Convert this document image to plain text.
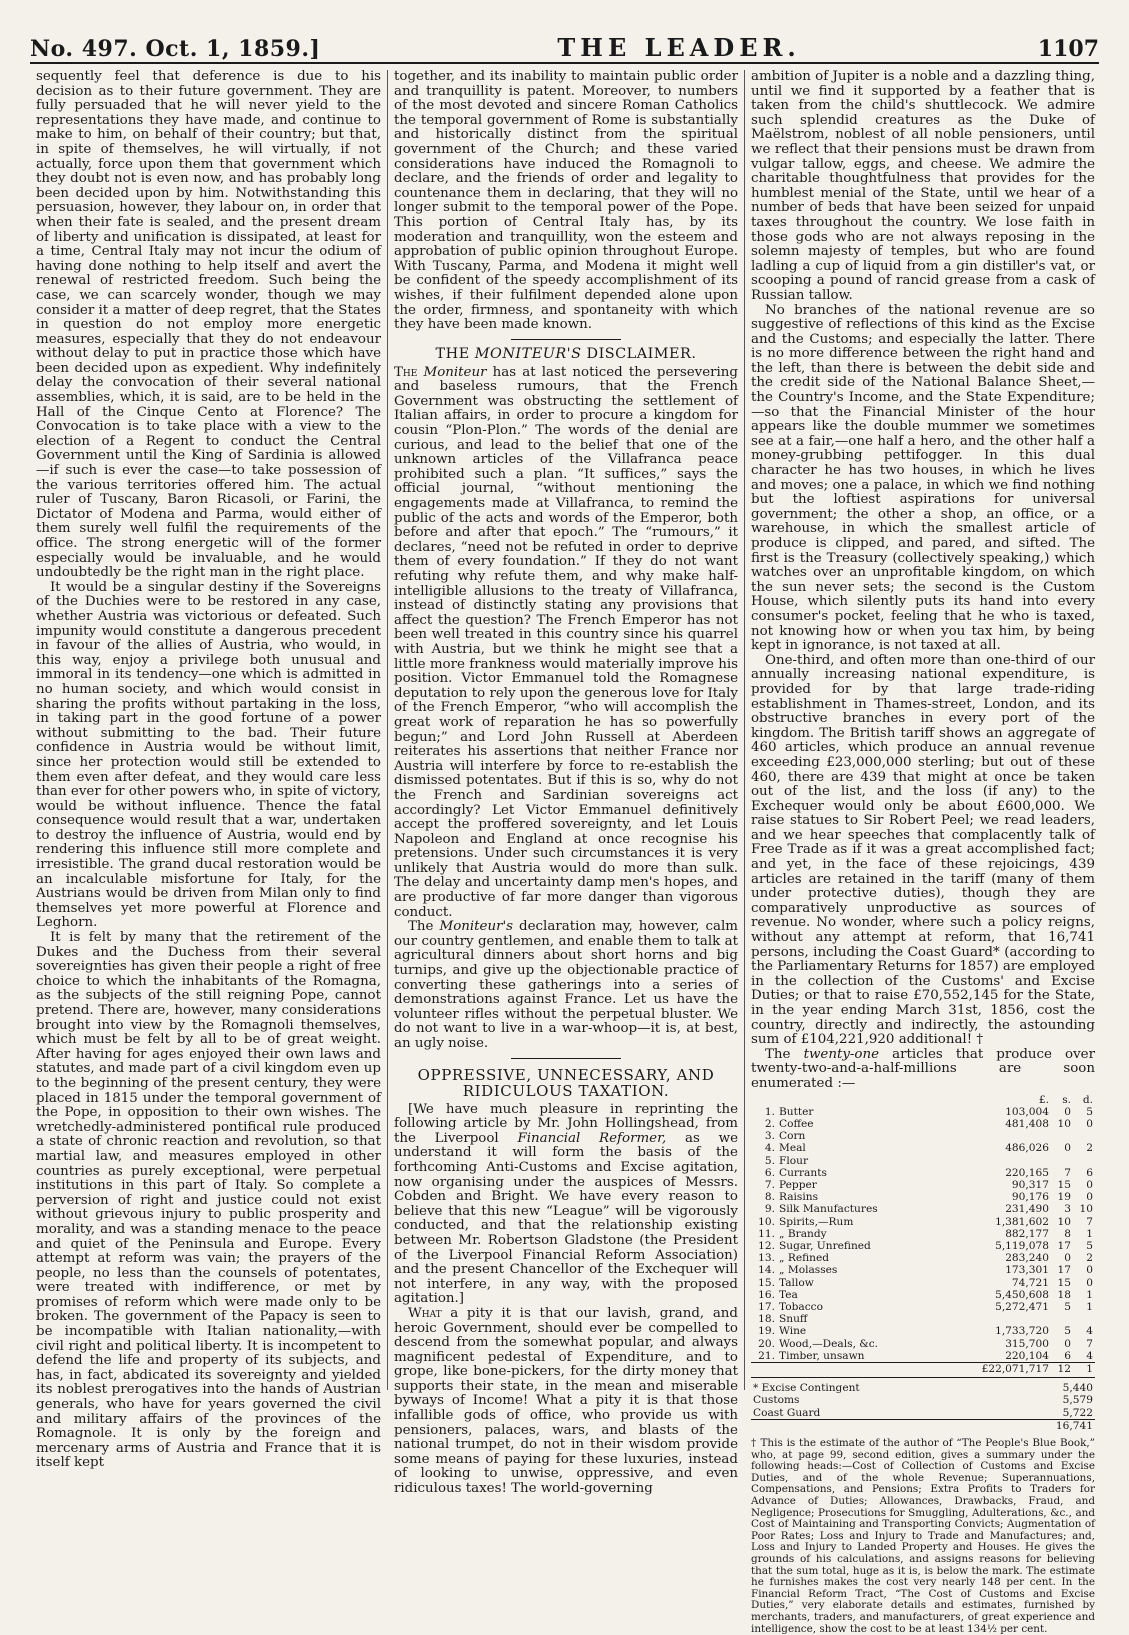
No. 497. Oct. 1, 1859.]	THE LEADER.	1107

sequently feel that deference is due to his decision as to their future government. They are fully persuaded that he will never yield to the representations they have made, and continue to make to him, on behalf of their country; but that, in spite of themselves, he will virtually, if not actually, force upon them that government which they doubt not is even now, and has probably long been decided upon by him. Notwithstanding this persuasion, however, they labour on, in order that when their fate is sealed, and the present dream of liberty and unification is dissipated, at least for a time, Central Italy may not incur the odium of having done nothing to help itself and avert the renewal of restricted freedom. Such being the case, we can scarcely wonder, though we may consider it a matter of deep regret, that the States in question do not employ more energetic measures, especially that they do not endeavour without delay to put in practice those which have been decided upon as expedient. Why indefinitely delay the convocation of their several national assemblies, which, it is said, are to be held in the Hall of the Cinque Cento at Florence? The Convocation is to take place with a view to the election of a Regent to conduct the Central Government until the King of Sardinia is allowed—if such is ever the case—to take possession of the various territories offered him. The actual ruler of Tuscany, Baron Ricasoli, or Farini, the Dictator of Modena and Parma, would either of them surely well fulfil the requirements of the office. The strong energetic will of the former especially would be invaluable, and he would undoubtedly be the right man in the right place.

It would be a singular destiny if the Sovereigns of the Duchies were to be restored in any case, whether Austria was victorious or defeated. Such impunity would constitute a dangerous precedent in favour of the allies of Austria, who would, in this way, enjoy a privilege both unusual and immoral in its tendency—one which is admitted in no human society, and which would consist in sharing the profits without partaking in the loss, in taking part in the good fortune of a power without submitting to the bad. Their future confidence in Austria would be without limit, since her protection would still be extended to them even after defeat, and they would care less than ever for other powers who, in spite of victory, would be without influence. Thence the fatal consequence would result that a war, undertaken to destroy the influence of Austria, would end by rendering this influence still more complete and irresistible. The grand ducal restoration would be an incalculable misfortune for Italy, for the Austrians would be driven from Milan only to find themselves yet more powerful at Florence and Leghorn.

It is felt by many that the retirement of the Dukes and the Duchess from their several sovereignties has given their people a right of free choice to which the inhabitants of the Romagna, as the subjects of the still reigning Pope, cannot pretend. There are, however, many considerations brought into view by the Romagnoli themselves, which must be felt by all to be of great weight. After having for ages enjoyed their own laws and statutes, and made part of a civil kingdom even up to the beginning of the present century, they were placed in 1815 under the temporal government of the Pope, in opposition to their own wishes. The wretchedly-administered pontifical rule produced a state of chronic reaction and revolution, so that martial law, and measures employed in other countries as purely exceptional, were perpetual institutions in this part of Italy. So complete a perversion of right and justice could not exist without grievous injury to public prosperity and morality, and was a standing menace to the peace and quiet of the Peninsula and Europe. Every attempt at reform was vain; the prayers of the people, no less than the counsels of potentates, were treated with indifference, or met by promises of reform which were made only to be broken. The government of the Papacy is seen to be incompatible with Italian nationality,—with civil right and political liberty. It is incompetent to defend the life and property of its subjects, and has, in fact, abdicated its sovereignty and yielded its noblest prerogatives into the hands of Austrian generals, who have for years governed the civil and military affairs of the provinces of the Romagnole. It is only by the foreign and mercenary arms of Austria and France that it is itself kept

together, and its inability to maintain public order and tranquillity is patent. Moreover, to numbers of the most devoted and sincere Roman Catholics the temporal government of Rome is substantially and historically distinct from the spiritual government of the Church; and these varied considerations have induced the Romagnoli to declare, and the friends of order and legality to countenance them in declaring, that they will no longer submit to the temporal power of the Pope. This portion of Central Italy has, by its moderation and tranquillity, won the esteem and approbation of public opinion throughout Europe. With Tuscany, Parma, and Modena it might well be confident of the speedy accomplishment of its wishes, if their fulfilment depended alone upon the order, firmness, and spontaneity with which they have been made known.

THE MONITEUR'S DISCLAIMER.

The Moniteur has at last noticed the persevering and baseless rumours, that the French Government was obstructing the settlement of Italian affairs, in order to procure a kingdom for cousin “Plon-Plon.” The words of the denial are curious, and lead to the belief that one of the unknown articles of the Villafranca peace prohibited such a plan. “It suffices,” says the official journal, “without mentioning the engagements made at Villafranca, to remind the public of the acts and words of the Emperor, both before and after that epoch.” The “rumours,” it declares, “need not be refuted in order to deprive them of every foundation.” If they do not want refuting why refute them, and why make half-intelligible allusions to the treaty of Villafranca, instead of distinctly stating any provisions that affect the question? The French Emperor has not been well treated in this country since his quarrel with Austria, but we think he might see that a little more frankness would materially improve his position. Victor Emmanuel told the Romagnese deputation to rely upon the generous love for Italy of the French Emperor, “who will accomplish the great work of reparation he has so powerfully begun;” and Lord John Russell at Aberdeen reiterates his assertions that neither France nor Austria will interfere by force to re-establish the dismissed potentates. But if this is so, why do not the French and Sardinian sovereigns act accordingly? Let Victor Emmanuel definitively accept the proffered sovereignty, and let Louis Napoleon and England at once recognise his pretensions. Under such circumstances it is very unlikely that Austria would do more than sulk. The delay and uncertainty damp men's hopes, and are productive of far more danger than vigorous conduct.

The Moniteur's declaration may, however, calm our country gentlemen, and enable them to talk at agricultural dinners about short horns and big turnips, and give up the objectionable practice of converting these gatherings into a series of demonstrations against France. Let us have the volunteer rifles without the perpetual bluster. We do not want to live in a war-whoop—it is, at best, an ugly noise.

OPPRESSIVE, UNNECESSARY, AND
RIDICULOUS TAXATION.

[We have much pleasure in reprinting the following article by Mr. John Hollingshead, from the Liverpool Financial Reformer, as we understand it will form the basis of the forthcoming Anti-Customs and Excise agitation, now organising under the auspices of Messrs. Cobden and Bright. We have every reason to believe that this new “League” will be vigorously conducted, and that the relationship existing between Mr. Robertson Gladstone (the President of the Liverpool Financial Reform Association) and the present Chancellor of the Exchequer will not interfere, in any way, with the proposed agitation.]

What a pity it is that our lavish, grand, and heroic Government, should ever be compelled to descend from the somewhat popular, and always magnificent pedestal of Expenditure, and to grope, like bone-pickers, for the dirty money that supports their state, in the mean and miserable byways of Income! What a pity it is that those infallible gods of office, who provide us with pensioners, palaces, wars, and blasts of the national trumpet, do not in their wisdom provide some means of paying for these luxuries, instead of looking to unwise, oppressive, and even ridiculous taxes! The world-governing

ambition of Jupiter is a noble and a dazzling thing, until we find it supported by a feather that is taken from the child's shuttlecock. We admire such splendid creatures as the Duke of Maëlstrom, noblest of all noble pensioners, until we reflect that their pensions must be drawn from vulgar tallow, eggs, and cheese. We admire the charitable thoughtfulness that provides for the humblest menial of the State, until we hear of a number of beds that have been seized for unpaid taxes throughout the country. We lose faith in those gods who are not always reposing in the solemn majesty of temples, but who are found ladling a cup of liquid from a gin distiller's vat, or scooping a pound of rancid grease from a cask of Russian tallow.

No branches of the national revenue are so suggestive of reflections of this kind as the Excise and the Customs; and especially the latter. There is no more difference between the right hand and the left, than there is between the debit side and the credit side of the National Balance Sheet,—the Country's Income, and the State Expenditure;—so that the Financial Minister of the hour appears like the double mummer we sometimes see at a fair,—one half a hero, and the other half a money-grubbing pettifogger. In this dual character he has two houses, in which he lives and moves; one a palace, in which we find nothing but the loftiest aspirations for universal government; the other a shop, an office, or a warehouse, in which the smallest article of produce is clipped, and pared, and sifted. The first is the Treasury (collectively speaking,) which watches over an unprofitable kingdom, on which the sun never sets; the second is the Custom House, which silently puts its hand into every consumer's pocket, feeling that he who is taxed, not knowing how or when you tax him, by being kept in ignorance, is not taxed at all.

One-third, and often more than one-third of our annually increasing national expenditure, is provided for by that large trade-riding establishment in Thames-street, London, and its obstructive branches in every port of the kingdom. The British tariff shows an aggregate of 460 articles, which produce an annual revenue exceeding £23,000,000 sterling; but out of these 460, there are 439 that might at once be taken out of the list, and the loss (if any) to the Exchequer would only be about £600,000. We raise statues to Sir Robert Peel; we read leaders, and we hear speeches that complacently talk of Free Trade as if it was a great accomplished fact; and yet, in the face of these rejoicings, 439 articles are retained in the tariff (many of them under protective duties), though they are comparatively unproductive as sources of revenue. No wonder, where such a policy reigns, without any attempt at reform, that 16,741 persons, including the Coast Guard* (according to the Parliamentary Returns for 1857) are employed in the collection of the Customs' and Excise Duties; or that to raise £70,552,145 for the State, in the year ending March 31st, 1856, cost the country, directly and indirectly, the astounding sum of £104,221,920 additional! †

The twenty-one articles that produce over twenty-two-and-a-half-millions are soon enumerated :—

		£.	s.	d.
1.	Butter	103,004	0	5
2.	Coffee	481,408	10	0
3.	Corn			
4.	Meal	486,026	0	2
5.	Flour			
6.	Currants	220,165	7	6
7.	Pepper	90,317	15	0
8.	Raisins	90,176	19	0
9.	Silk Manufactures	231,490	3	10
10.	Spirits,—Rum	1,381,602	10	7
11.	„ Brandy	882,177	8	1
12.	Sugar, Unrefined	5,119,078	17	5
13.	„ Refined	283,240	0	2
14.	„ Molasses	173,301	17	0
15.	Tallow	74,721	15	0
16.	Tea	5,450,608	18	1
17.	Tobacco	5,272,471	5	1
18.	Snuff			
19.	Wine	1,733,720	5	4
20.	Wood,—Deals, &c.	315,700	0	7
21.	Timber, unsawn	220,104	6	4
		£22,071,717	12	1
* Excise Contingent	5,440
Customs	5,579
Coast Guard	5,722
	16,741
† This is the estimate of the author of “The People's Blue Book,” who, at page 99, second edition, gives a summary under the following heads:—Cost of Collection of Customs and Excise Duties, and of the whole Revenue; Superannuations, Compensations, and Pensions; Extra Profits to Traders for Advance of Duties; Allowances, Drawbacks, Fraud, and Negligence; Prosecutions for Smuggling, Adulterations, &c., and Cost of Maintaining and Transporting Convicts; Augmentation of Poor Rates; Loss and Injury to Trade and Manufactures; and, Loss and Injury to Landed Property and Houses. He gives the grounds of his calculations, and assigns reasons for believing that the sum total, huge as it is, is below the mark. The estimate he furnishes makes the cost very nearly 148 per cent. In the Financial Reform Tract, “The Cost of Customs and Excise Duties,” very elaborate details and estimates, furnished by merchants, traders, and manufacturers, of great experience and intelligence, show the cost to be at least 134½ per cent.
